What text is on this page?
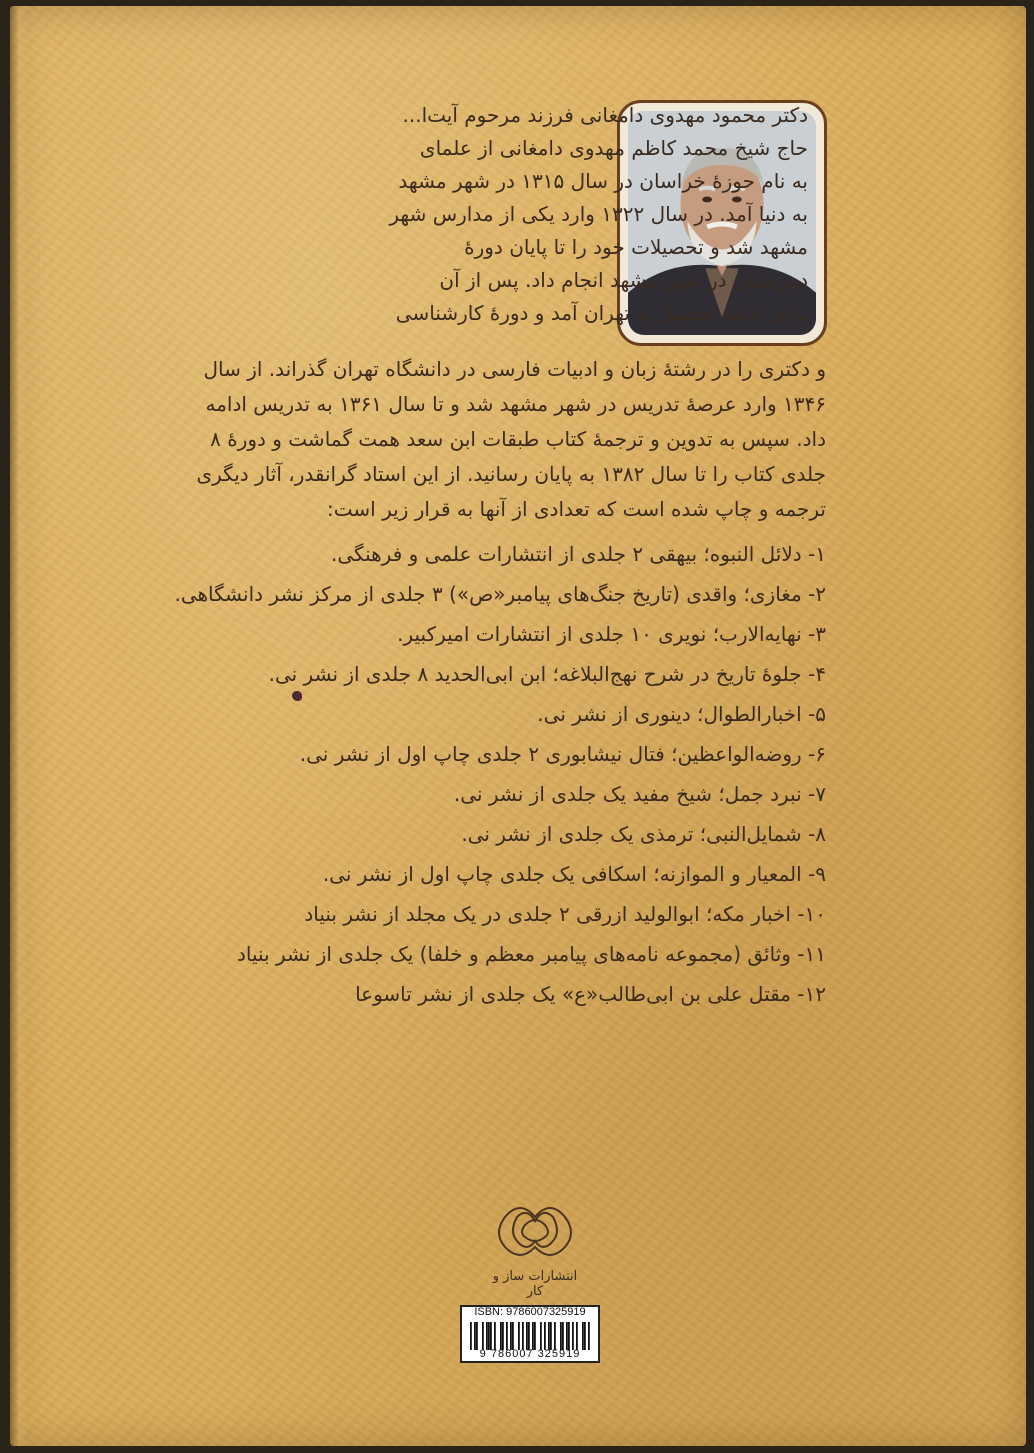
دکتر محمود مهدوی دامغانی فرزند مرحوم آیت‌ا...
حاج شیخ محمد کاظم مهدوی دامغانی از علمای
به نام حوزهٔ خراسان در سال ۱۳۱۵ در شهر مشهد
به دنیا آمد. در سال ۱۳۲۲ وارد یکی از مدارس شهر
مشهد شد و تحصیلات خود را تا پایان دورهٔ
دبیرستان در شهر مشهد انجام داد. پس از آن
برای ادامهٔ تحصیل به تهران آمد و دورهٔ کارشناسی
و دکتری را در رشتهٔ زبان و ادبیات فارسی در دانشگاه تهران گذراند. از سال
۱۳۴۶ وارد عرصهٔ تدریس در شهر مشهد شد و تا سال ۱۳۶۱ به تدریس ادامه
داد. سپس به تدوین و ترجمهٔ کتاب طبقات ابن سعد همت گماشت و دورهٔ ۸
جلدی کتاب را تا سال ۱۳۸۲ به پایان رسانید. از این استاد گرانقدر، آثار دیگری
ترجمه و چاپ شده است که تعدادی از آنها به قرار زیر است:
۱- دلائل النبوه؛ بیهقی ۲ جلدی از انتشارات علمی و فرهنگی.
۲- مغازی؛ واقدی (تاریخ جنگ‌های پیامبر«ص») ۳ جلدی از مرکز نشر دانشگاهی.
۳- نهایه‌الارب؛ نویری ۱۰ جلدی از انتشارات امیرکبیر.
۴- جلوهٔ تاریخ در شرح نهج‌البلاغه؛ ابن ابی‌الحدید ۸ جلدی از نشر نی.
۵- اخبارالطوال؛ دینوری از نشر نی.
۶- روضه‌الواعظین؛ فتال نیشابوری ۲ جلدی چاپ اول از نشر نی.
۷- نبرد جمل؛ شیخ مفید یک جلدی از نشر نی.
۸- شمایل‌النبی؛ ترمذی یک جلدی از نشر نی.
۹- المعیار و الموازنه؛ اسکافی یک جلدی چاپ اول از نشر نی.
۱۰- اخبار مکه؛ ابوالولید ازرقی ۲ جلدی در یک مجلد از نشر بنیاد
۱۱- وثائق (مجموعه نامه‌های پیامبر معظم و خلفا) یک جلدی از نشر بنیاد
۱۲- مقتل علی بن ابی‌طالب«ع» یک جلدی از نشر تاسوعا
انتشارات ساز و کار
ISBN: 9786007325919
9 786007 325919
